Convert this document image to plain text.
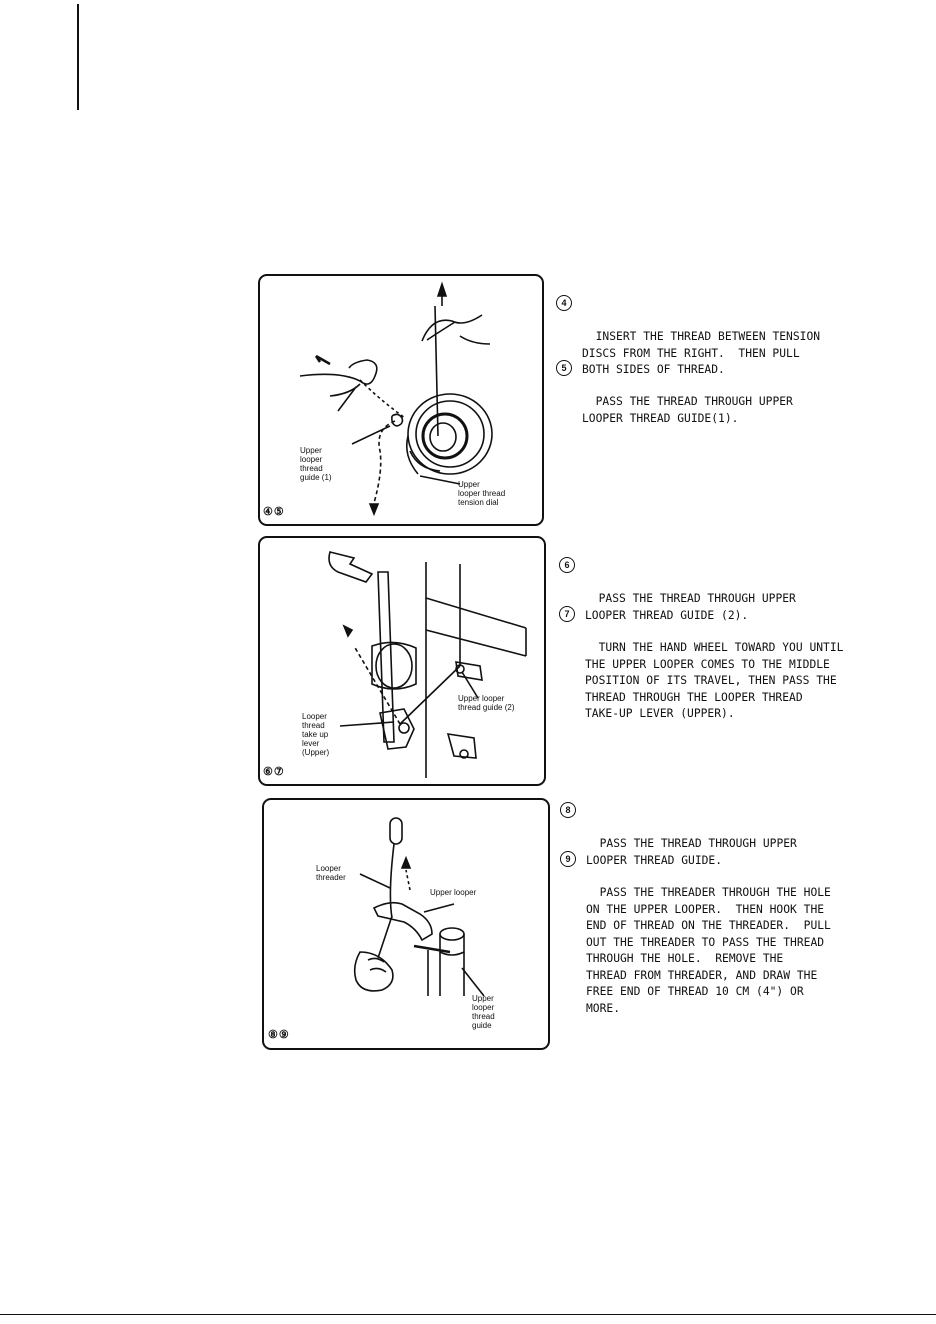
Upper
looper
thread
guide (1)
Upper
looper thread
tension dial
④⑤
Looper
thread
take up
lever
(Upper)
Upper looper
thread guide (2)
⑥⑦
Looper
threader
Upper looper
Upper
looper
thread
guide
⑧⑨

4

INSERT THE THREAD BETWEEN TENSION
DISCS FROM THE RIGHT.  THEN PULL
BOTH SIDES OF THREAD.

5

PASS THE THREAD THROUGH UPPER
LOOPER THREAD GUIDE(1).

6

PASS THE THREAD THROUGH UPPER
LOOPER THREAD GUIDE (2).

7

TURN THE HAND WHEEL TOWARD YOU UNTIL
THE UPPER LOOPER COMES TO THE MIDDLE
POSITION OF ITS TRAVEL, THEN PASS THE
THREAD THROUGH THE LOOPER THREAD
TAKE-UP LEVER (UPPER).

8

PASS THE THREAD THROUGH UPPER
LOOPER THREAD GUIDE.

9

PASS THE THREADER THROUGH THE HOLE
ON THE UPPER LOOPER.  THEN HOOK THE
END OF THREAD ON THE THREADER.  PULL
OUT THE THREADER TO PASS THE THREAD
THROUGH THE HOLE.  REMOVE THE
THREAD FROM THREADER, AND DRAW THE
FREE END OF THREAD 10 CM (4") OR
MORE.
